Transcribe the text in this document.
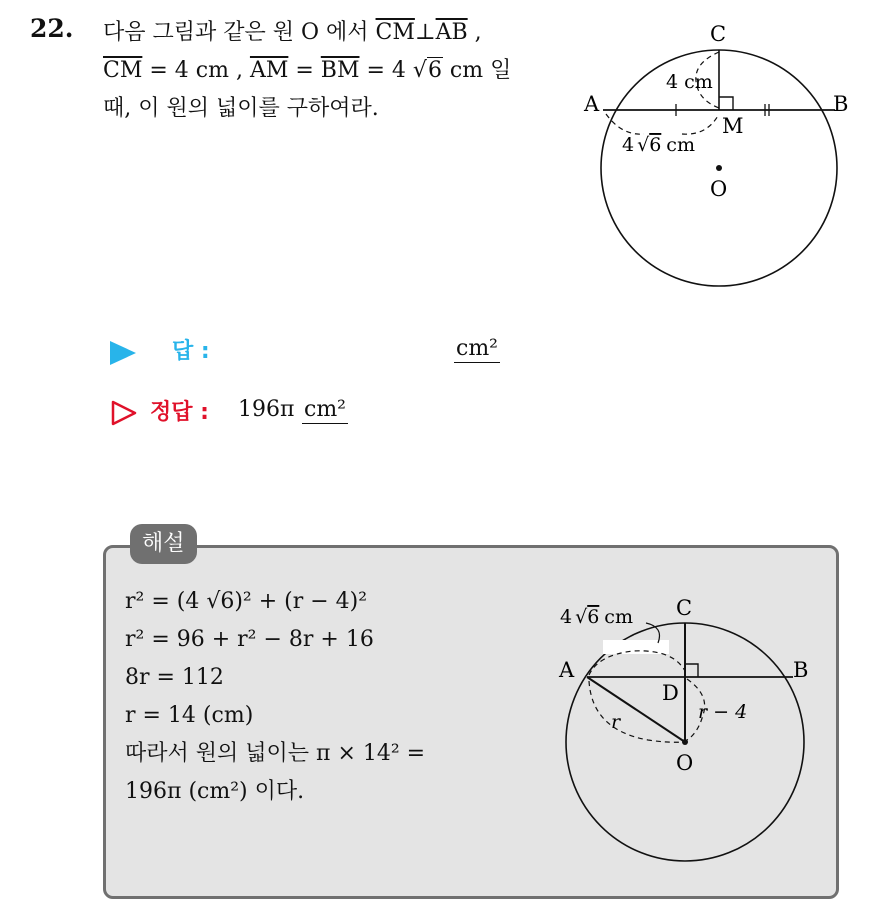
22. 다음 그림과 같은 원 O 에서 $\overline{CM}\perp\overline{AB}$ ,
$\overline{CM} = 4$ cm , $\overline{AM} = \overline{BM} = 4$ √6 cm 일
때, 이 원의 넓이를 구하여라.
C
A	B
M
O
4 cm
4 √6 cm
답 :	cm²
정답 : 196π cm²
해설
r² = (4 √6)² + (r − 4)²
r² = 96 + r² − 8r + 16
8r = 112
r = 14 (cm)
따라서 원의 넓이는 π × 14² =
196π (cm²) 이다.
C
A	B
D
O
r	r − 4
4 √6 cm
